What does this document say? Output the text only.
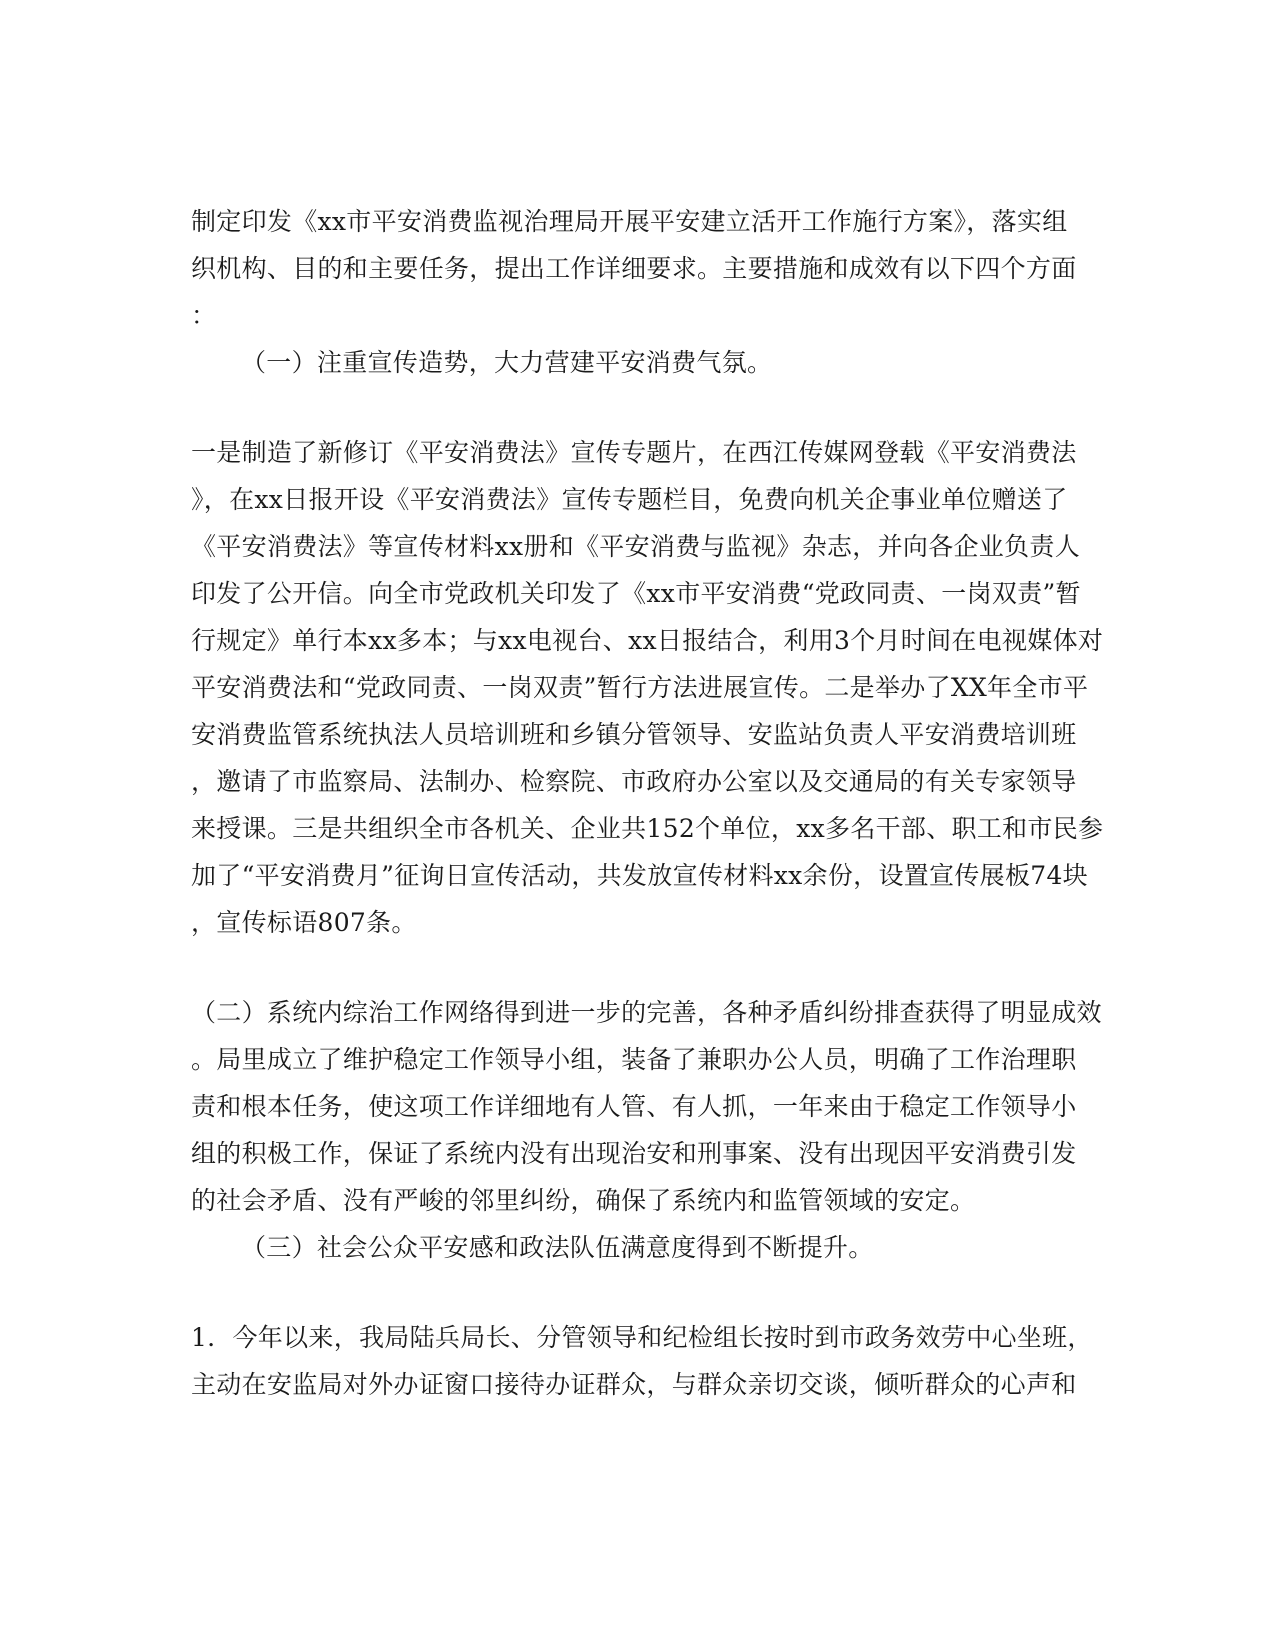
制定印发《xx市平安消费监视治理局开展平安建立活开工作施行方案》，落实组
织机构、目的和主要任务，提出工作详细要求。主要措施和成效有以下四个方面
：
（一）注重宣传造势，大力营建平安消费气氛。
一是制造了新修订《平安消费法》宣传专题片，在西江传媒网登载《平安消费法
》，在xx日报开设《平安消费法》宣传专题栏目，免费向机关企事业单位赠送了
《平安消费法》等宣传材料xx册和《平安消费与监视》杂志，并向各企业负责人
印发了公开信。向全市党政机关印发了《xx市平安消费“党政同责、一岗双责”暂
行规定》单行本xx多本；与xx电视台、xx日报结合，利用3个月时间在电视媒体对
平安消费法和“党政同责、一岗双责”暂行方法进展宣传。二是举办了XX年全市平
安消费监管系统执法人员培训班和乡镇分管领导、安监站负责人平安消费培训班
，邀请了市监察局、法制办、检察院、市政府办公室以及交通局的有关专家领导
来授课。三是共组织全市各机关、企业共152个单位，xx多名干部、职工和市民参
加了“平安消费月”征询日宣传活动，共发放宣传材料xx余份，设置宣传展板74块
，宣传标语807条。
（二）系统内综治工作网络得到进一步的完善，各种矛盾纠纷排查获得了明显成效
。局里成立了维护稳定工作领导小组，装备了兼职办公人员，明确了工作治理职
责和根本任务，使这项工作详细地有人管、有人抓，一年来由于稳定工作领导小
组的积极工作，保证了系统内没有出现治安和刑事案、没有出现因平安消费引发
的社会矛盾、没有严峻的邻里纠纷，确保了系统内和监管领域的安定。
（三）社会公众平安感和政法队伍满意度得到不断提升。
1．今年以来，我局陆兵局长、分管领导和纪检组长按时到市政务效劳中心坐班，
主动在安监局对外办证窗口接待办证群众，与群众亲切交谈，倾听群众的心声和
